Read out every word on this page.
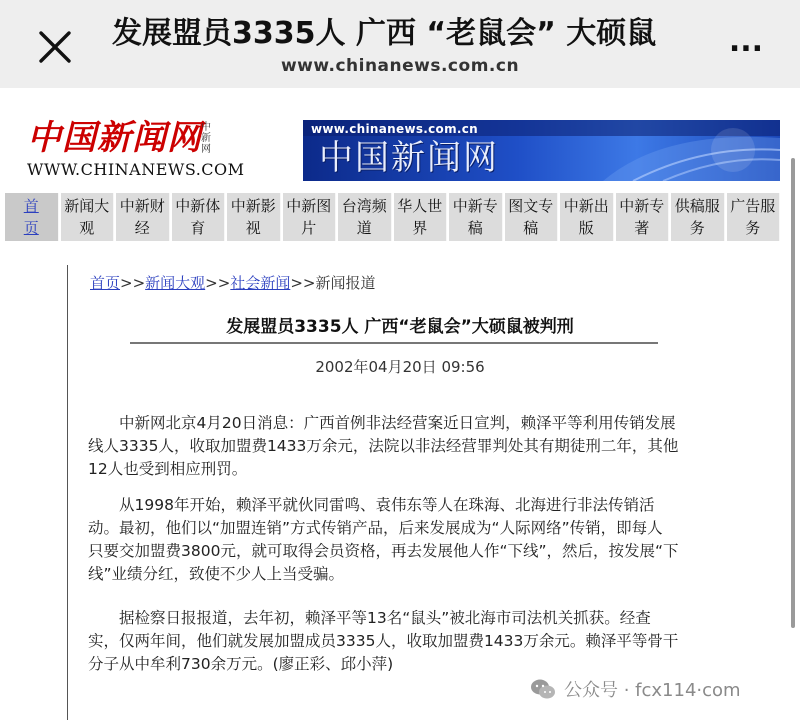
发展盟员3335人 广西 “老鼠会” 大硕鼠
www.chinanews.com.cn
...
中国新闻网 中新网
WWW.CHINANEWS.COM
www.chinanews.com.cn
中国新闻网
首
页
新闻大
观
中新财
经
中新体
育
中新影
视
中新图
片
台湾频
道
华人世
界
中新专
稿
图文专
稿
中新出
版
中新专
著
供稿服
务
广告服
务
首页>>新闻大观>>社会新闻>>新闻报道
发展盟员3335人 广西“老鼠会”大硕鼠被判刑
2002年04月20日 09:56
中新网北京4月20日消息：广西首例非法经营案近日宣判，赖泽平等利用传销发展
线人3335人，收取加盟费1433万余元，法院以非法经营罪判处其有期徒刑二年，其他
12人也受到相应刑罚。
从1998年开始，赖泽平就伙同雷鸣、袁伟东等人在珠海、北海进行非法传销活
动。最初，他们以“加盟连销”方式传销产品，后来发展成为“人际网络”传销，即每人
只要交加盟费3800元，就可取得会员资格，再去发展他人作“下线”，然后，按发展“下
线”业绩分红，致使不少人上当受骗。
据检察日报报道，去年初，赖泽平等13名“鼠头”被北海市司法机关抓获。经查
实，仅两年间，他们就发展加盟成员3335人，收取加盟费1433万余元。赖泽平等骨干
分子从中牟利730余万元。(廖正彩、邱小萍)
公众号 · fcx114·com
